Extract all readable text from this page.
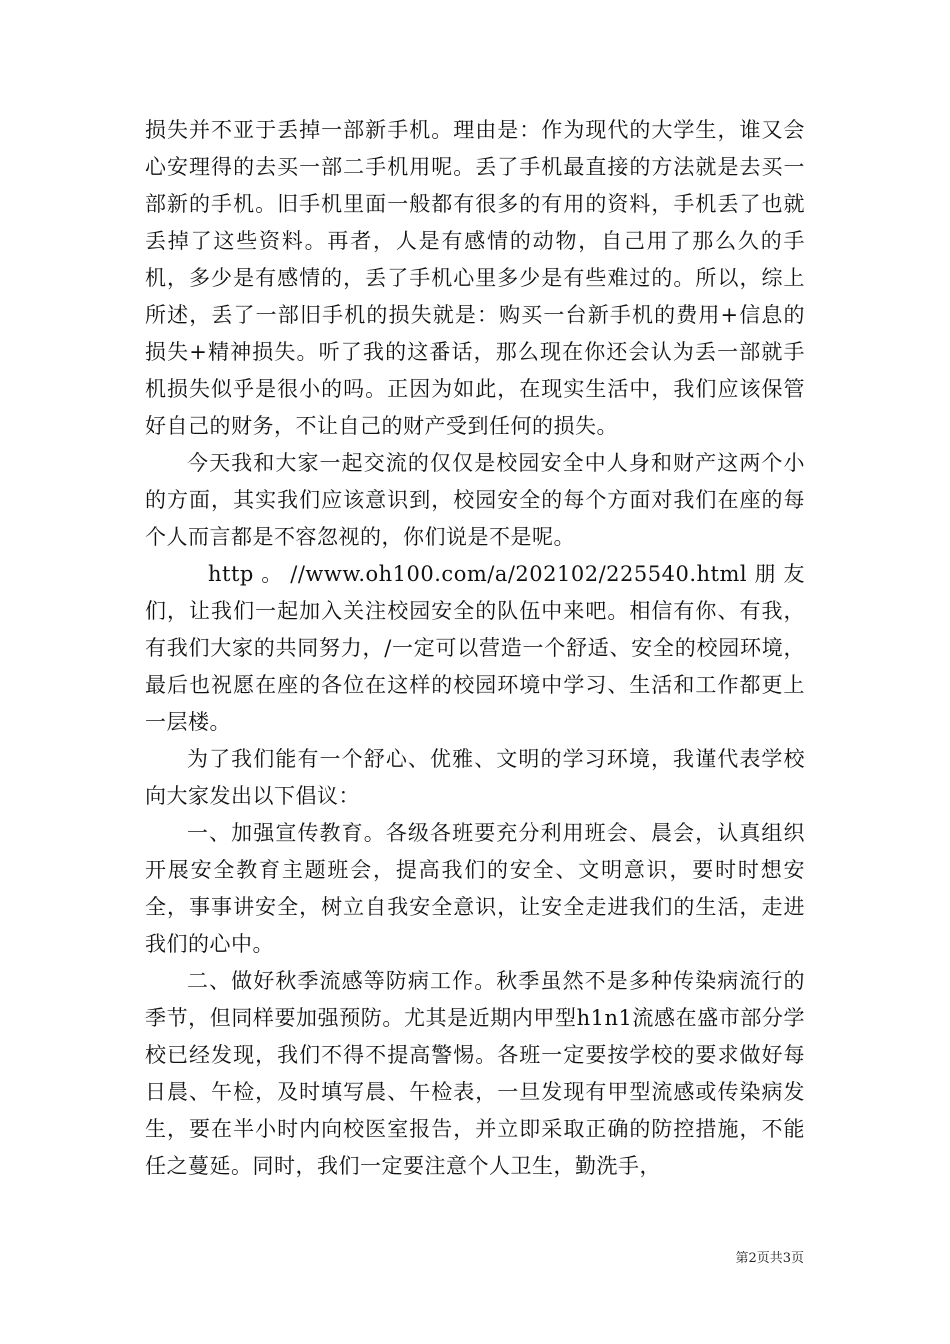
损失并不亚于丢掉一部新手机。理由是：作为现代的大学生，谁又会心安理得的去买一部二手机用呢。丢了手机最直接的方法就是去买一部新的手机。旧手机里面一般都有很多的有用的资料，手机丢了也就丢掉了这些资料。再者，人是有感情的动物，自己用了那么久的手机，多少是有感情的，丢了手机心里多少是有些难过的。所以，综上所述，丢了一部旧手机的损失就是：购买一台新手机的费用+信息的损失+精神损失。听了我的这番话，那么现在你还会认为丢一部就手机损失似乎是很小的吗。正因为如此，在现实生活中，我们应该保管好自己的财务，不让自己的财产受到任何的损失。

今天我和大家一起交流的仅仅是校园安全中人身和财产这两个小的方面，其实我们应该意识到，校园安全的每个方面对我们在座的每个人而言都是不容忽视的，你们说是不是呢。

http。//www.oh100.com/a/202102/225540.html朋友们，让我们一起加入关注校园安全的队伍中来吧。相信有你、有我，有我们大家的共同努力，/一定可以营造一个舒适、安全的校园环境，最后也祝愿在座的各位在这样的校园环境中学习、生活和工作都更上一层楼。

为了我们能有一个舒心、优雅、文明的学习环境，我谨代表学校向大家发出以下倡议：

一、加强宣传教育。各级各班要充分利用班会、晨会，认真组织开展安全教育主题班会，提高我们的安全、文明意识，要时时想安全，事事讲安全，树立自我安全意识，让安全走进我们的生活，走进我们的心中。

二、做好秋季流感等防病工作。秋季虽然不是多种传染病流行的季节，但同样要加强预防。尤其是近期内甲型h1n1流感在盛市部分学校已经发现，我们不得不提高警惕。各班一定要按学校的要求做好每日晨、午检，及时填写晨、午检表，一旦发现有甲型流感或传染病发生，要在半小时内向校医室报告，并立即采取正确的防控措施，不能任之蔓延。同时，我们一定要注意个人卫生，勤洗手，

第2页共3页
